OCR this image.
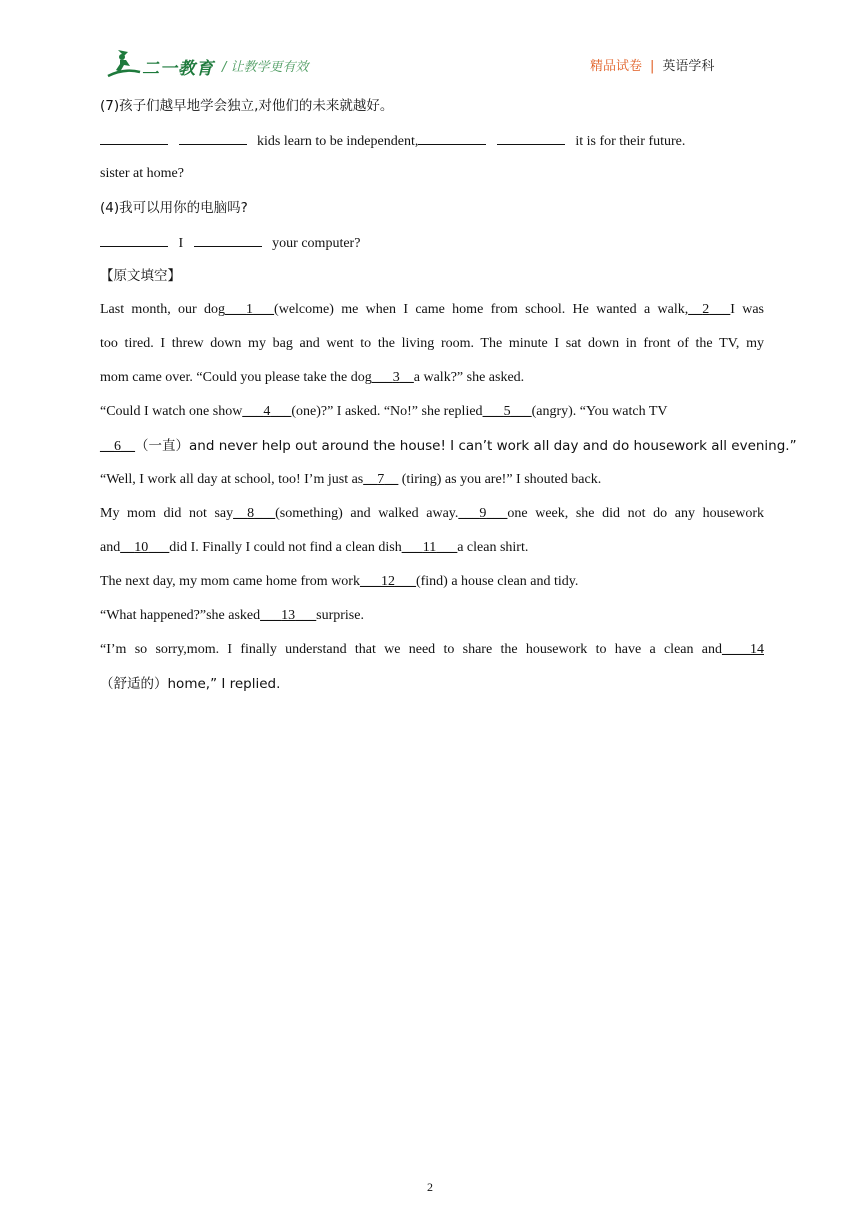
二一教育 / 让教学更有效	精品试卷 | 英语学科
(7)孩子们越早地学会独立,对他们的未来就越好。
kids learn to be independent,	it is for their future.
sister at home?
(4)我可以用你的电脑吗?
I	your computer?
【原文填空】
Last month, our dog___1___(welcome) me when I came home from school. He wanted a walk,__2___I was
too tired. I threw down my bag and went to the living room. The minute I sat down in front of the TV, my
mom came over. “Could you please take the dog___3__a walk?” she asked.
“Could I watch one show___4___(one)?” I asked. “No!” she replied___5___(angry). “You watch TV
__6__（一直）and never help out around the house! I can’t work all day and do housework all evening.”
“Well, I work all day at school, too! I’m just as__7__ (tiring) as you are!” I shouted back.
My mom did not say__8___(something) and walked away.___9___one week, she did not do any housework
and__10___did I. Finally I could not find a clean dish___11___a clean shirt.
The next day, my mom came home from work___12___(find) a house clean and tidy.
“What happened?”she asked___13___surprise.
“I’m so sorry,mom. I finally understand that we need to share the housework to have a clean and____14
（舒适的）home,” I replied.
2
